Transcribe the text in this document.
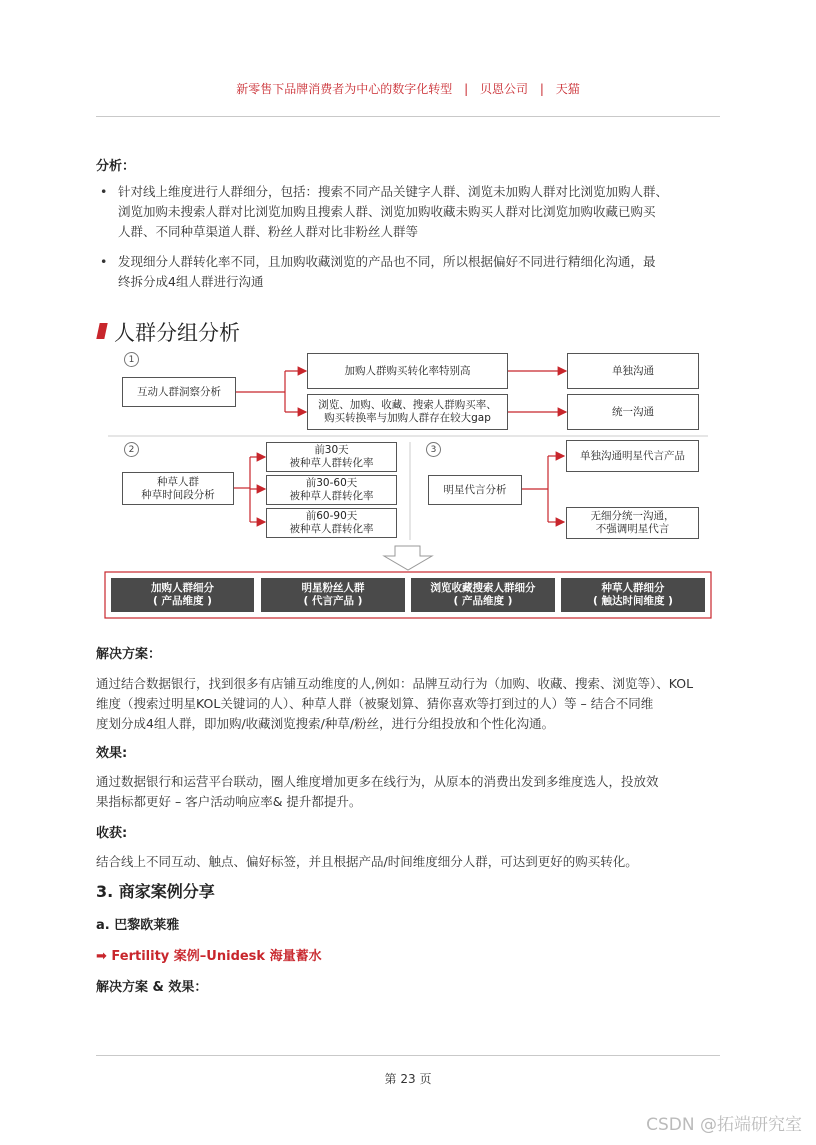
新零售下品牌消费者为中心的数字化转型 | 贝恩公司 | 天猫
分析：
• 针对线上维度进行人群细分，包括：搜索不同产品关键字人群、浏览未加购人群对比浏览加购人群、
浏览加购未搜索人群对比浏览加购且搜索人群、浏览加购收藏未购买人群对比浏览加购收藏已购买
人群、不同种草渠道人群、粉丝人群对比非粉丝人群等
• 发现细分人群转化率不同，且加购收藏浏览的产品也不同，所以根据偏好不同进行精细化沟通，最
终拆分成4组人群进行沟通
人群分组分析
1
互动人群洞察分析
加购人群购买转化率特别高
浏览、加购、收藏、搜索人群购买率、
购买转换率与加购人群存在较大gap
单独沟通
统一沟通
2
种草人群
种草时间段分析
前30天
被种草人群转化率
前30-60天
被种草人群转化率
前60-90天
被种草人群转化率
3
明星代言分析
单独沟通明星代言产品
无细分统一沟通，
不强调明星代言
加购人群细分
( 产品维度 )
明星粉丝人群
( 代言产品 )
浏览收藏搜索人群细分
( 产品维度 )
种草人群细分
( 触达时间维度 )
解决方案：
通过结合数据银行，找到很多有店铺互动维度的人,例如：品牌互动行为（加购、收藏、搜索、浏览等）、KOL
维度（搜索过明星KOL关键词的人）、种草人群（被聚划算、猜你喜欢等打到过的人）等 – 结合不同维
度划分成4组人群，即加购/收藏浏览搜索/种草/粉丝，进行分组投放和个性化沟通。
效果:
通过数据银行和运营平台联动，圈人维度增加更多在线行为，从原本的消费出发到多维度选人，投放效
果指标都更好 – 客户活动响应率& 提升都提升。
收获:
结合线上不同互动、触点、偏好标签，并且根据产品/时间维度细分人群，可达到更好的购买转化。
3. 商家案例分享
a. 巴黎欧莱雅
➡ Fertility 案例–Unidesk 海量蓄水
解决方案 & 效果：
第 23 页
CSDN @拓端研究室
